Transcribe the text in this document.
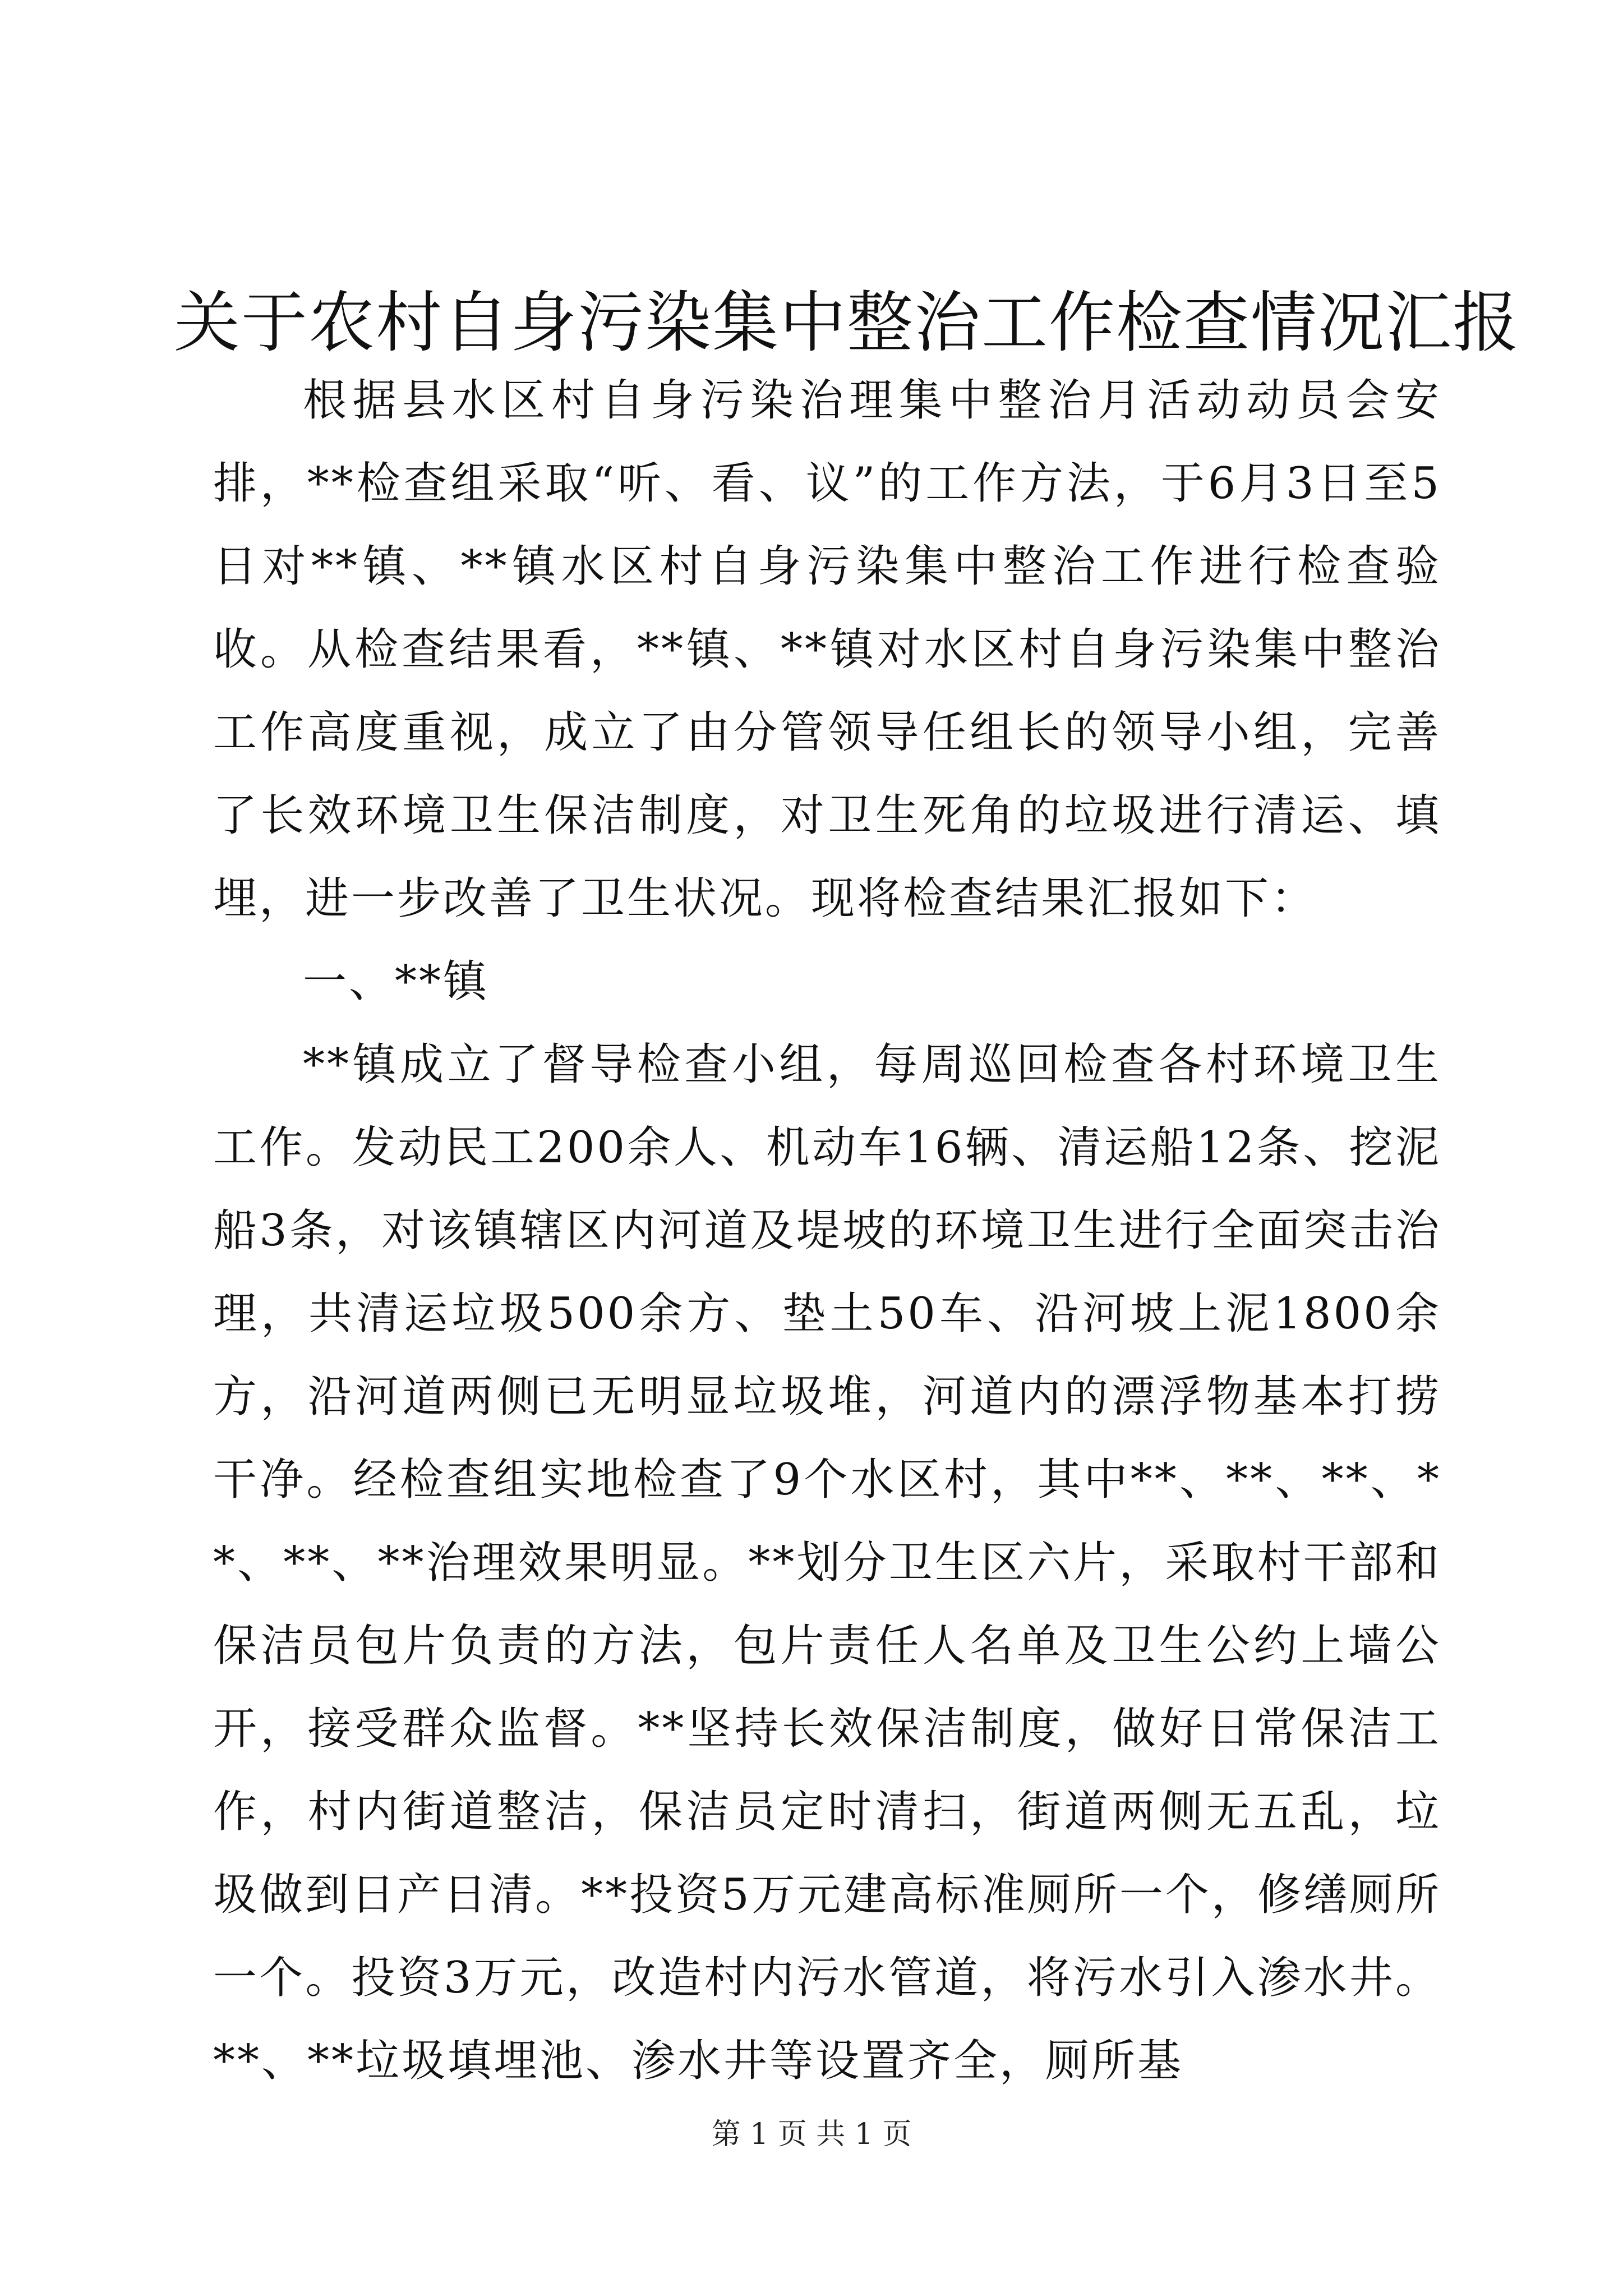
关于农村自身污染集中整治工作检查情况汇报

根据县水区村自身污染治理集中整治月活动动员会安排，**检查组采取“听、看、议”的工作方法，于6月3日至5日对**镇、**镇水区村自身污染集中整治工作进行检查验收。从检查结果看，**镇、**镇对水区村自身污染集中整治工作高度重视，成立了由分管领导任组长的领导小组，完善了长效环境卫生保洁制度，对卫生死角的垃圾进行清运、填埋，进一步改善了卫生状况。现将检查结果汇报如下：

一、**镇

**镇成立了督导检查小组，每周巡回检查各村环境卫生工作。发动民工200余人、机动车16辆、清运船12条、挖泥船3条，对该镇辖区内河道及堤坡的环境卫生进行全面突击治理，共清运垃圾500余方、垫土50车、沿河坡上泥1800余方，沿河道两侧已无明显垃圾堆，河道内的漂浮物基本打捞干净。经检查组实地检查了9个水区村，其中**、**、**、**、**、**治理效果明显。**划分卫生区六片，采取村干部和保洁员包片负责的方法，包片责任人名单及卫生公约上墙公开，接受群众监督。**坚持长效保洁制度，做好日常保洁工作，村内街道整洁，保洁员定时清扫，街道两侧无五乱，垃圾做到日产日清。**投资5万元建高标准厕所一个，修缮厕所一个。投资3万元，改造村内污水管道，将污水引入渗水井。**、**垃圾填埋池、渗水井等设置齐全，厕所基

第 1 页 共 1 页
